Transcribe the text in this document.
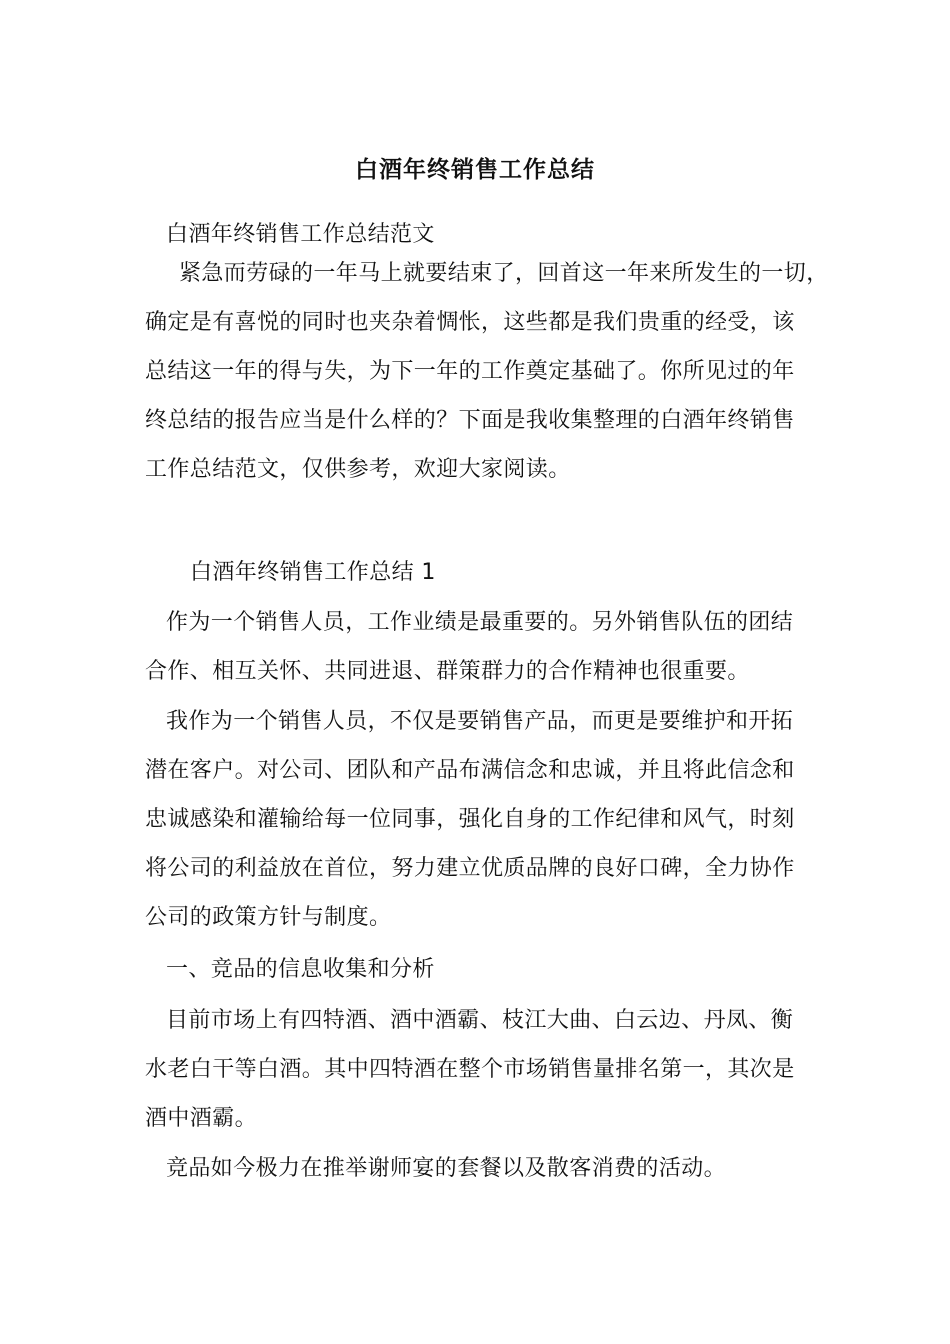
白酒年终销售工作总结

白酒年终销售工作总结范文

紧急而劳碌的一年马上就要结束了，回首这一年来所发生的一切，
确定是有喜悦的同时也夹杂着惆怅，这些都是我们贵重的经受，该
总结这一年的得与失，为下一年的工作奠定基础了。你所见过的年
终总结的报告应当是什么样的？下面是我收集整理的白酒年终销售
工作总结范文，仅供参考，欢迎大家阅读。

白酒年终销售工作总结 1

作为一个销售人员，工作业绩是最重要的。另外销售队伍的团结
合作、相互关怀、共同进退、群策群力的合作精神也很重要。

我作为一个销售人员，不仅是要销售产品，而更是要维护和开拓
潜在客户。对公司、团队和产品布满信念和忠诚，并且将此信念和
忠诚感染和灌输给每一位同事，强化自身的工作纪律和风气，时刻
将公司的利益放在首位，努力建立优质品牌的良好口碑，全力协作
公司的政策方针与制度。

一、竞品的信息收集和分析

目前市场上有四特酒、酒中酒霸、枝江大曲、白云边、丹凤、衡
水老白干等白酒。其中四特酒在整个市场销售量排名第一，其次是
酒中酒霸。

竞品如今极力在推举谢师宴的套餐以及散客消费的活动。
